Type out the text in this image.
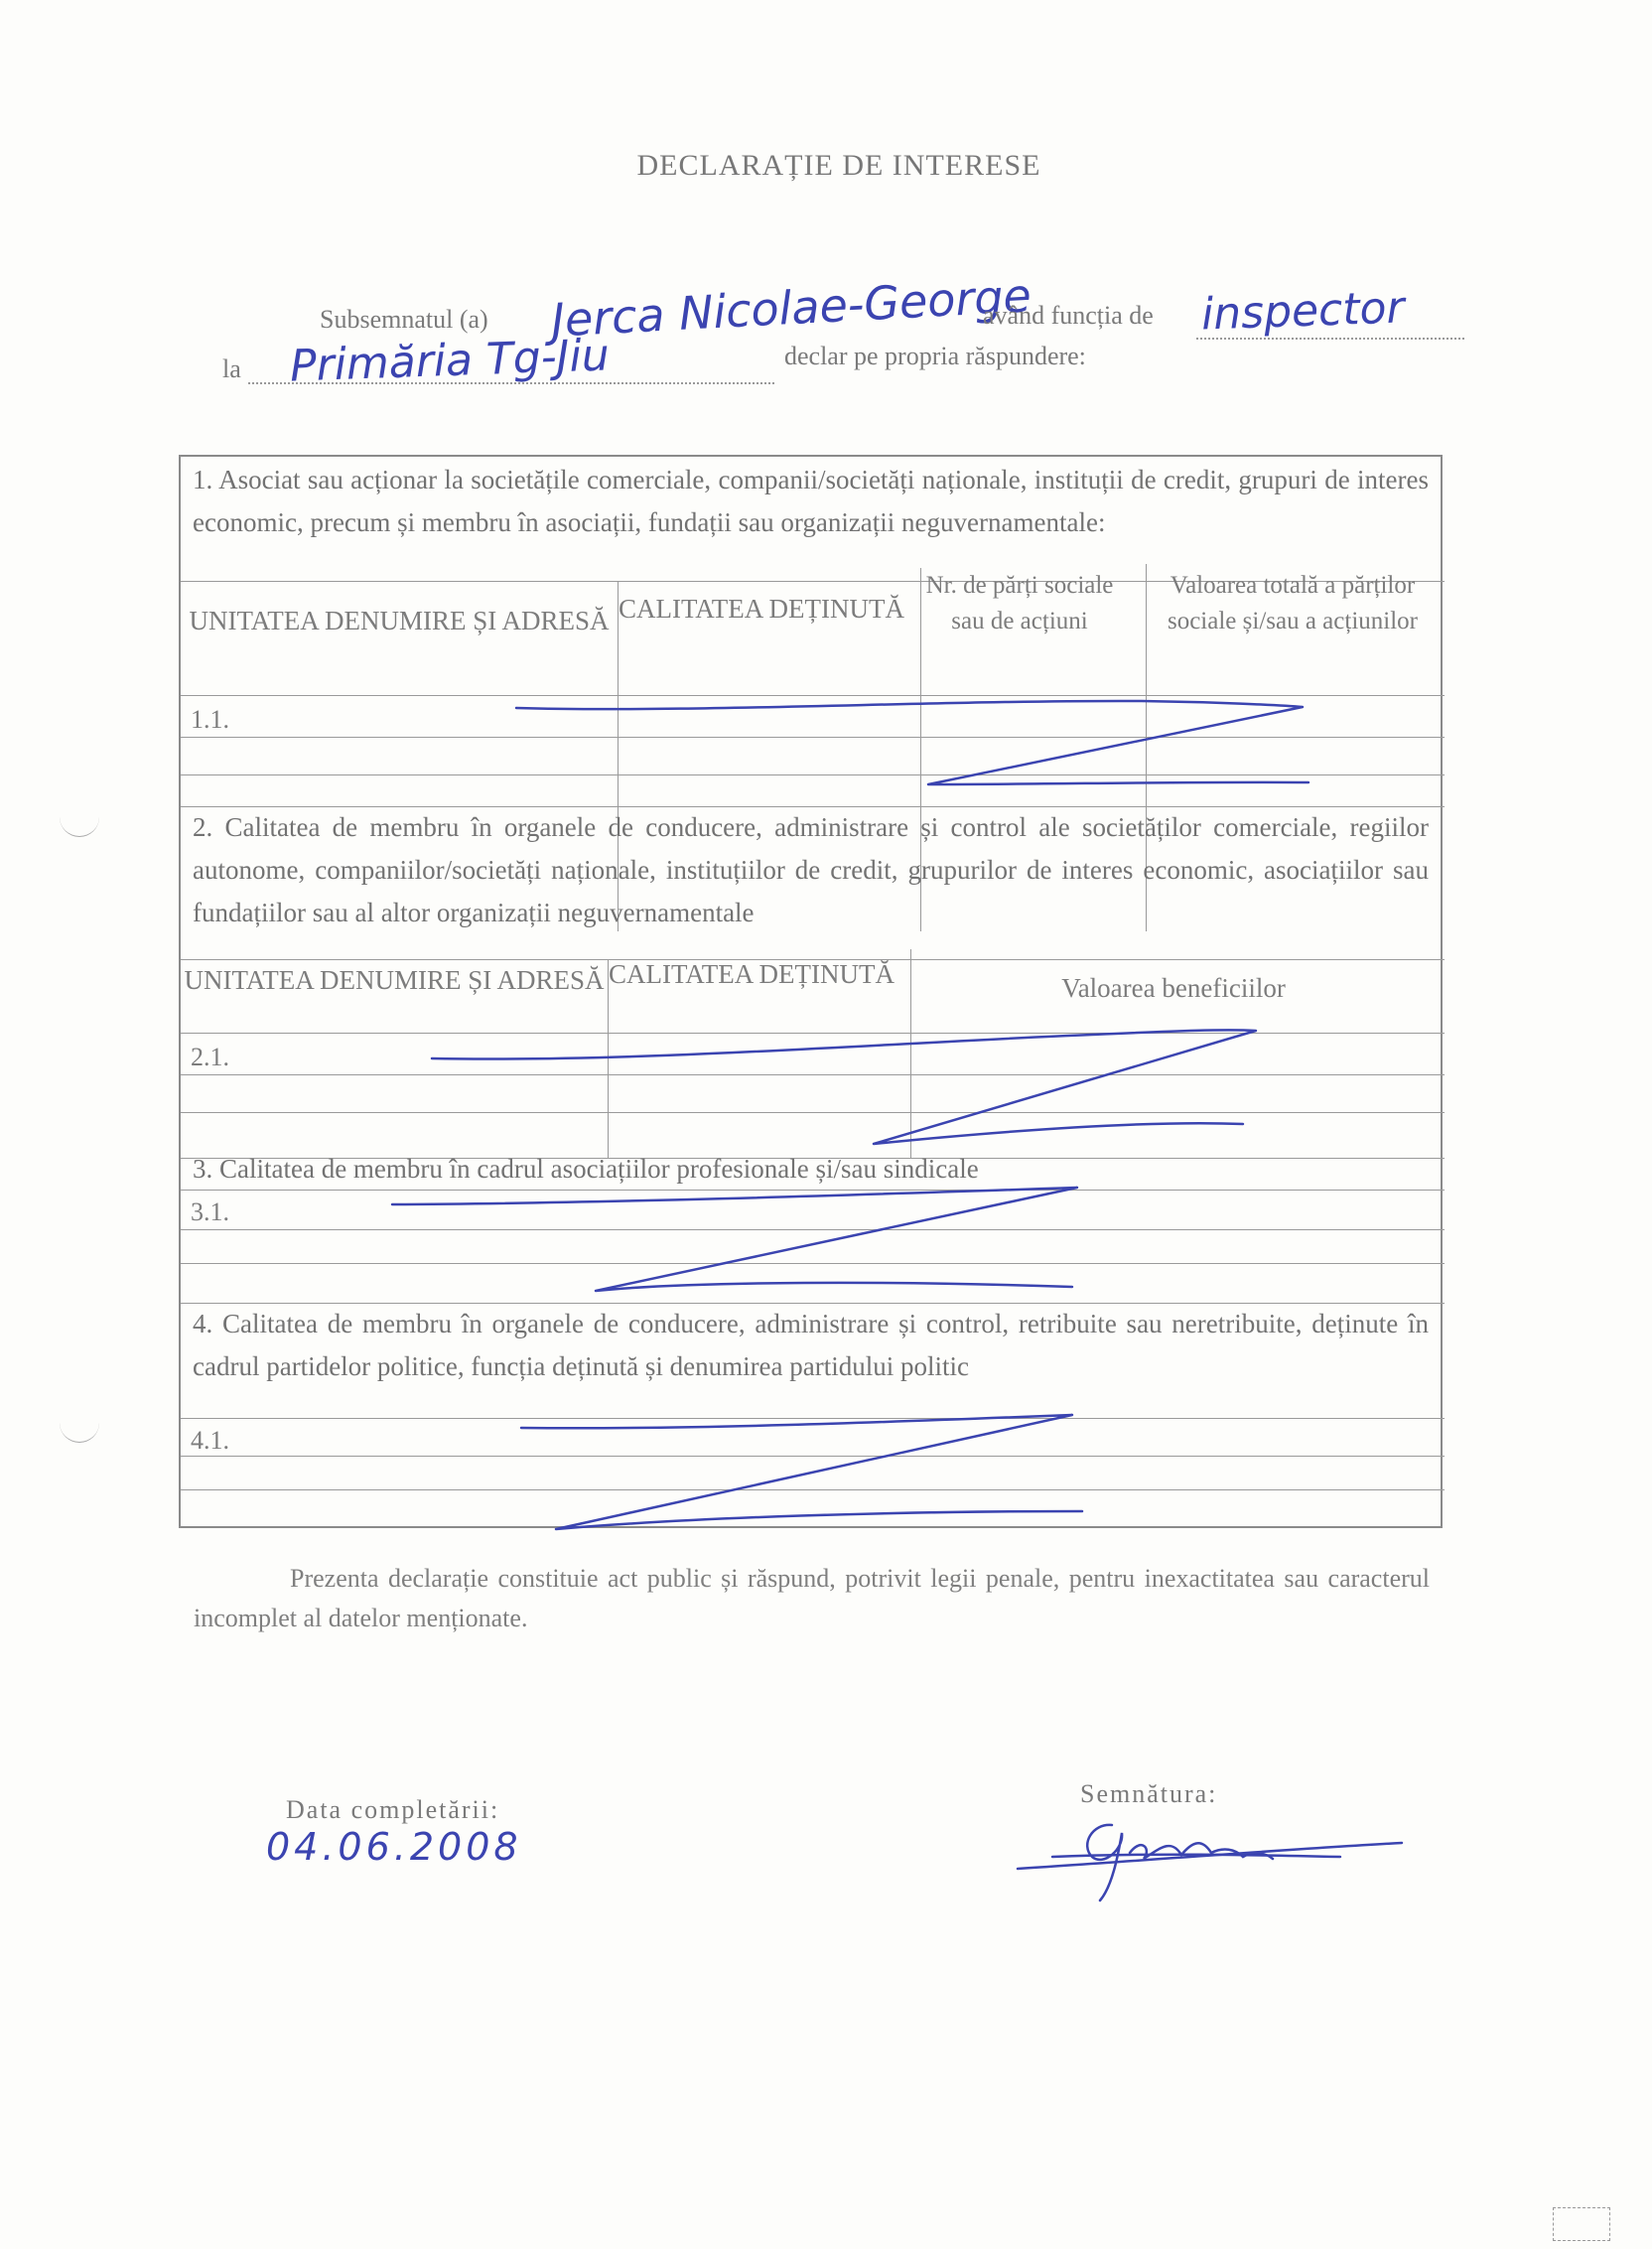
DECLARAȚIE DE INTERESE
Subsemnatul (a) Jerca Nicolae-George
având funcția de inspector
la Primăria Tg-Jiu	declar pe propria răspundere:
1. Asociat sau acționar la societățile comerciale, companii/societăți naționale, instituții de credit, grupuri de interes economic, precum și membru în asociații, fundații sau organizații neguvernamentale:
UNITATEA DENUMIRE ȘI ADRESĂ CALITATEA DEȚINUTĂ
Nr. de părți sociale sau de acțiuni
Valoarea totală a părților sociale și/sau a acțiunilor
1.1.
2. Calitatea de membru în organele de conducere, administrare și control ale societăților comerciale, regiilor autonome, companiilor/societăți naționale, instituțiilor de credit, grupurilor de interes economic, asociațiilor sau fundațiilor sau al altor organizații neguvernamentale
UNITATEA DENUMIRE ȘI ADRESĂ CALITATEA DEȚINUTĂ	Valoarea beneficiilor
2.1.
3. Calitatea de membru în cadrul asociațiilor profesionale și/sau sindicale
3.1.
4. Calitatea de membru în organele de conducere, administrare și control, retribuite sau neretribuite, deținute în cadrul partidelor politice, funcția deținută și denumirea partidului politic
4.1.
Prezenta declarație constituie act public și răspund, potrivit legii penale, pentru inexactitatea sau caracterul incomplet al datelor menționate.
Data completării:
04.06.2008
Semnătura:
